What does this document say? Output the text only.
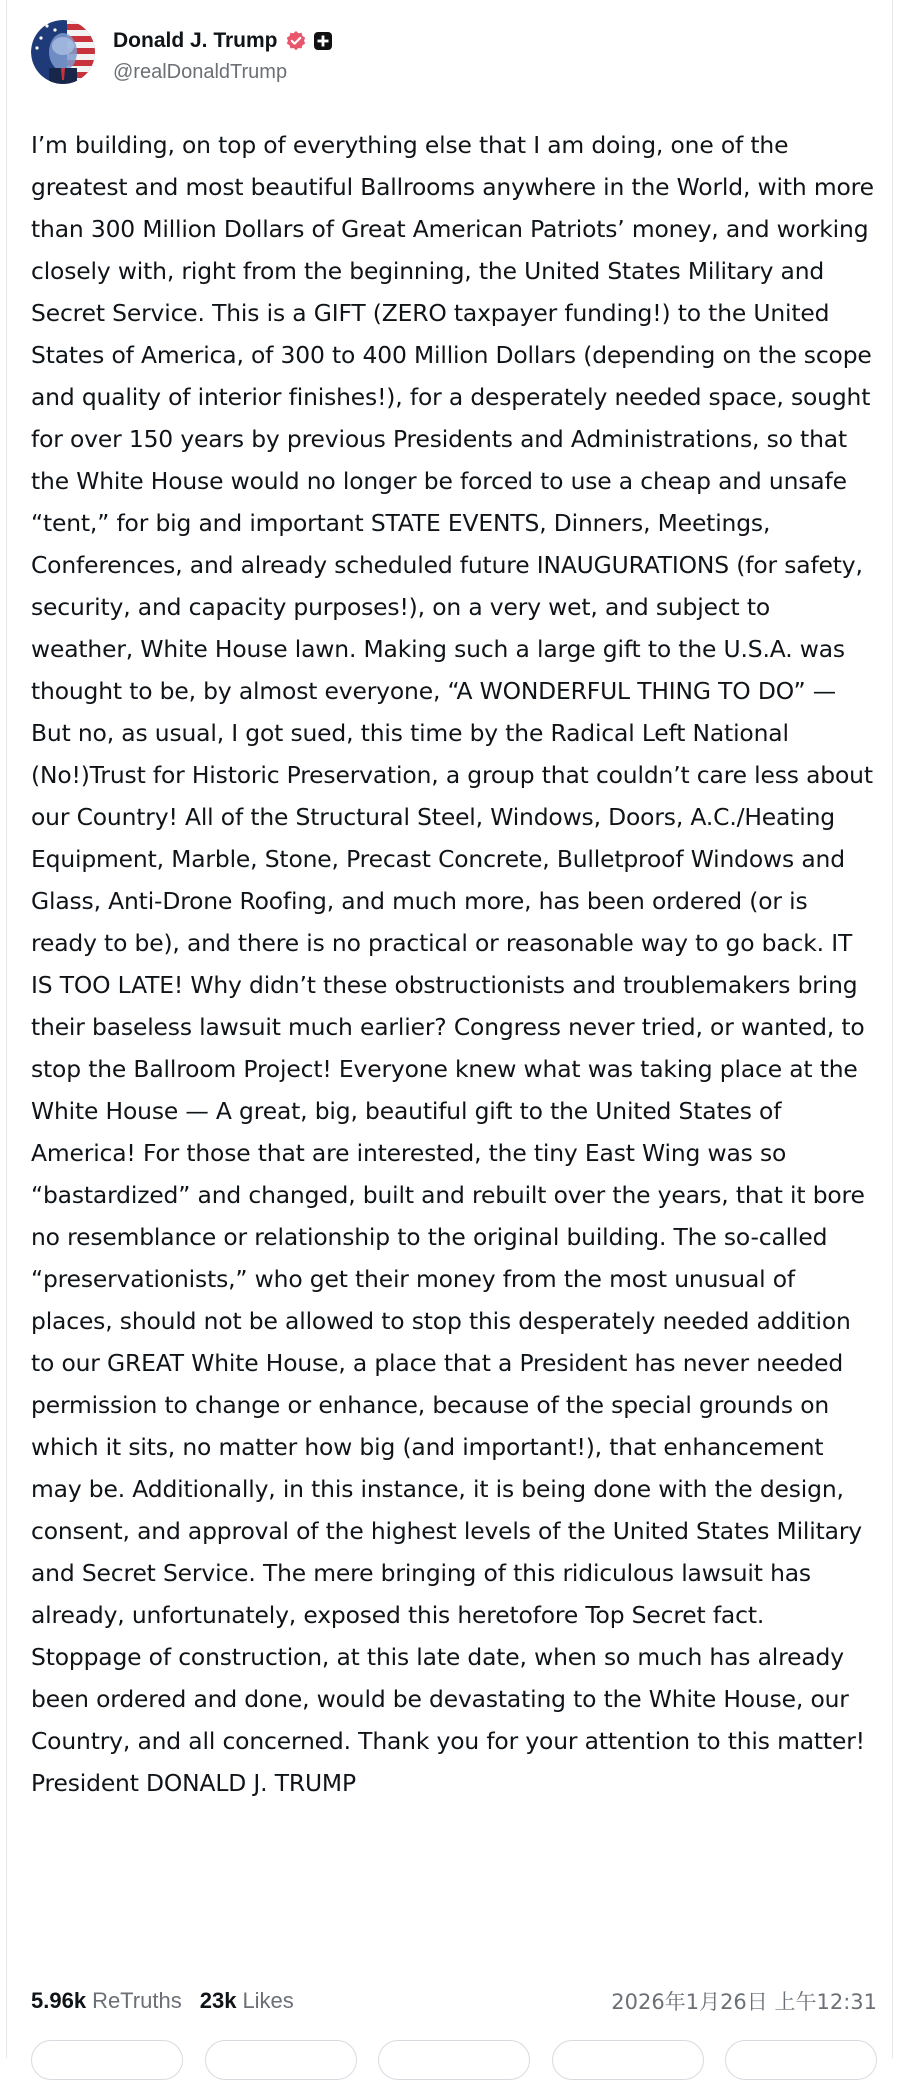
Donald J. Trump
@realDonaldTrump
I’m building, on top of everything else that I am doing, one of the greatest and most beautiful Ballrooms anywhere in the World, with more than 300 Million Dollars of Great American Patriots’ money, and working closely with, right from the beginning, the United States Military and Secret Service. This is a GIFT (ZERO taxpayer funding!) to the United States of America, of 300 to 400 Million Dollars (depending on the scope and quality of interior finishes!), for a desperately needed space, sought for over 150 years by previous Presidents and Administrations, so that the White House would no longer be forced to use a cheap and unsafe “tent,” for big and important STATE EVENTS, Dinners, Meetings, Conferences, and already scheduled future INAUGURATIONS (for safety, security, and capacity purposes!), on a very wet, and subject to weather, White House lawn. Making such a large gift to the U.S.A. was thought to be, by almost everyone, “A WONDERFUL THING TO DO” — But no, as usual, I got sued, this time by the Radical Left National (No!)Trust for Historic Preservation, a group that couldn’t care less about our Country! All of the Structural Steel, Windows, Doors, A.C./Heating Equipment, Marble, Stone, Precast Concrete, Bulletproof Windows and Glass, Anti-Drone Roofing, and much more, has been ordered (or is ready to be), and there is no practical or reasonable way to go back. IT IS TOO LATE! Why didn’t these obstructionists and troublemakers bring their baseless lawsuit much earlier? Congress never tried, or wanted, to stop the Ballroom Project! Everyone knew what was taking place at the White House — A great, big, beautiful gift to the United States of America! For those that are interested, the tiny East Wing was so “bastardized” and changed, built and rebuilt over the years, that it bore no resemblance or relationship to the original building. The so-called “preservationists,” who get their money from the most unusual of places, should not be allowed to stop this desperately needed addition to our GREAT White House, a place that a President has never needed permission to change or enhance, because of the special grounds on which it sits, no matter how big (and important!), that enhancement may be. Additionally, in this instance, it is being done with the design, consent, and approval of the highest levels of the United States Military and Secret Service. The mere bringing of this ridiculous lawsuit has already, unfortunately, exposed this heretofore Top Secret fact. Stoppage of construction, at this late date, when so much has already been ordered and done, would be devastating to the White House, our Country, and all concerned. Thank you for your attention to this matter! President DONALD J. TRUMP
5.96k ReTruths 23k Likes	2026年1月26日 上午12:31
